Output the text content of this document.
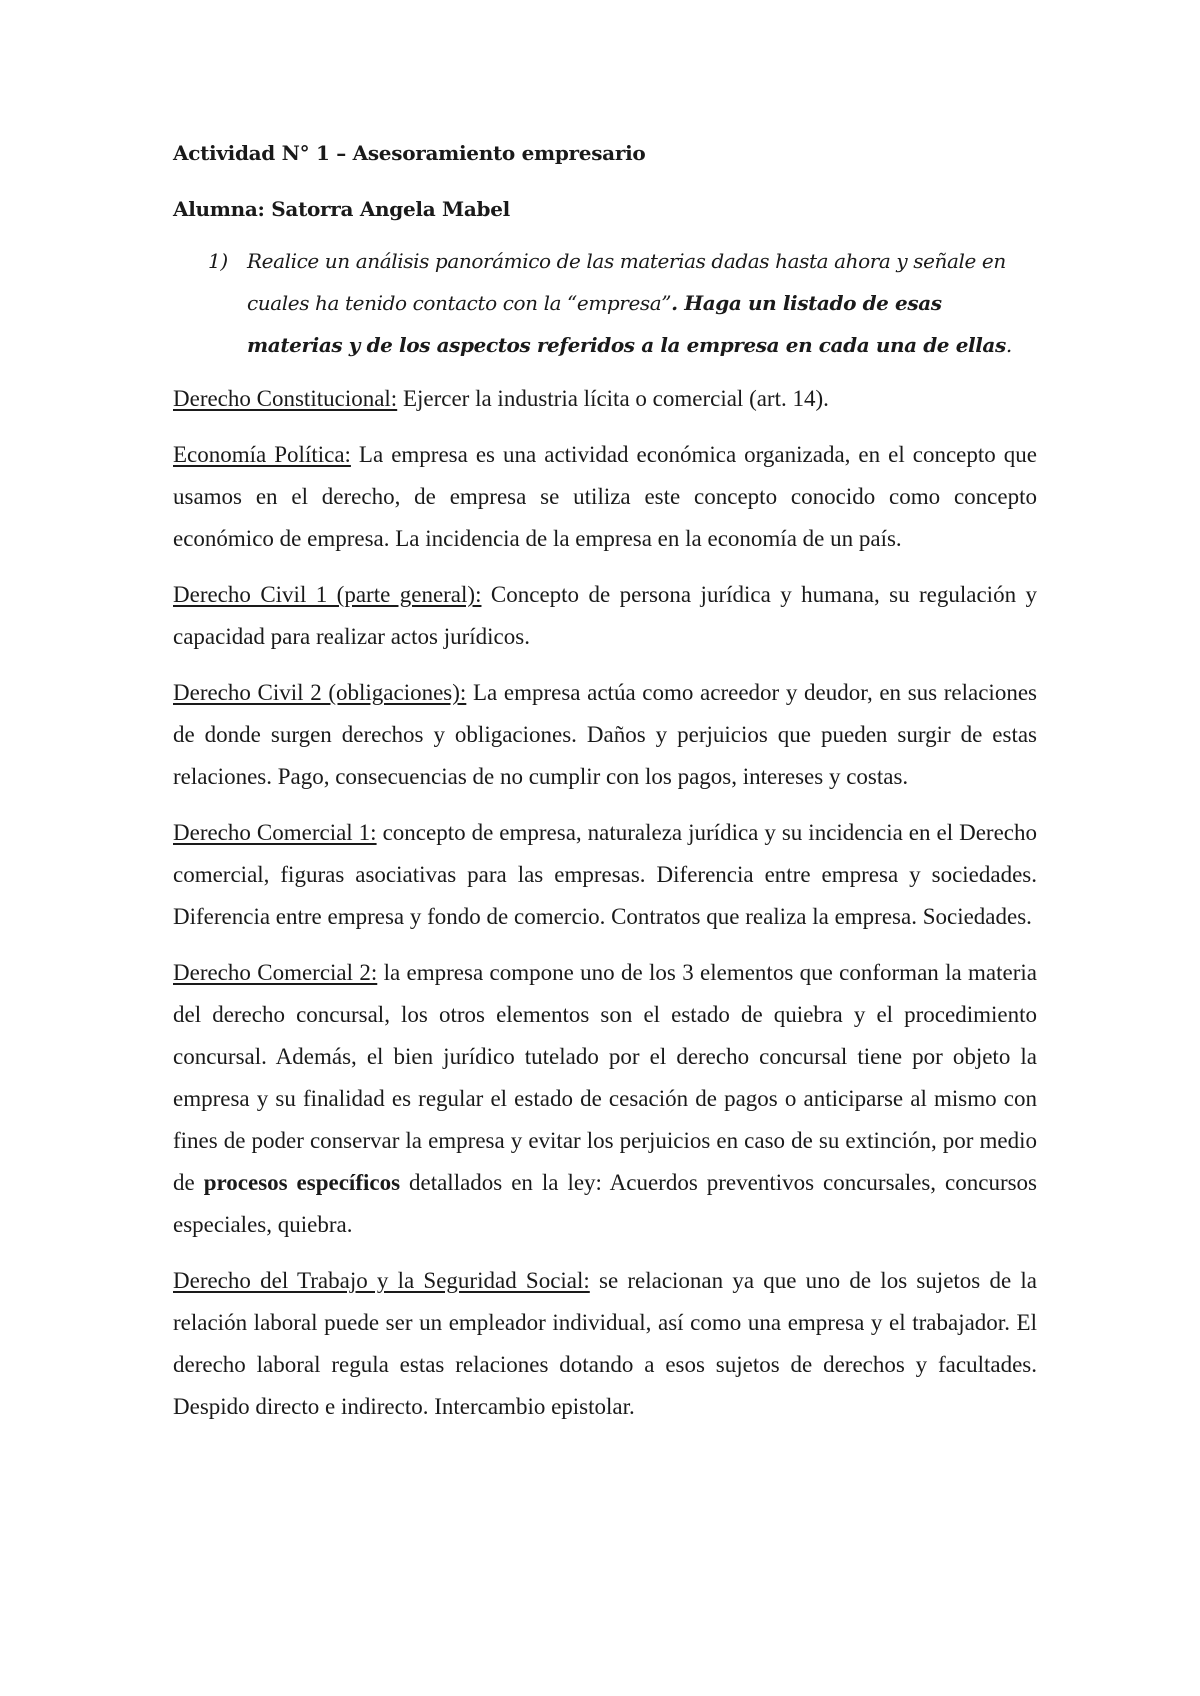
Actividad N° 1 – Asesoramiento empresario

Alumna: Satorra Angela Mabel

1) Realice un análisis panorámico de las materias dadas hasta ahora y señale en cuales ha tenido contacto con la “empresa”. Haga un listado de esas materias y de los aspectos referidos a la empresa en cada una de ellas.

Derecho Constitucional: Ejercer la industria lícita o comercial (art. 14).

Economía Política: La empresa es una actividad económica organizada, en el concepto que usamos en el derecho, de empresa se utiliza este concepto conocido como concepto económico de empresa. La incidencia de la empresa en la economía de un país.

Derecho Civil 1 (parte general): Concepto de persona jurídica y humana, su regulación y capacidad para realizar actos jurídicos.

Derecho Civil 2 (obligaciones): La empresa actúa como acreedor y deudor, en sus relaciones de donde surgen derechos y obligaciones. Daños y perjuicios que pueden surgir de estas relaciones. Pago, consecuencias de no cumplir con los pagos, intereses y costas.

Derecho Comercial 1: concepto de empresa, naturaleza jurídica y su incidencia en el Derecho comercial, figuras asociativas para las empresas. Diferencia entre empresa y sociedades. Diferencia entre empresa y fondo de comercio. Contratos que realiza la empresa. Sociedades.

Derecho Comercial 2: la empresa compone uno de los 3 elementos que conforman la materia del derecho concursal, los otros elementos son el estado de quiebra y el procedimiento concursal. Además, el bien jurídico tutelado por el derecho concursal tiene por objeto la empresa y su finalidad es regular el estado de cesación de pagos o anticiparse al mismo con fines de poder conservar la empresa y evitar los perjuicios en caso de su extinción, por medio de procesos específicos detallados en la ley: Acuerdos preventivos concursales, concursos especiales, quiebra.

Derecho del Trabajo y la Seguridad Social: se relacionan ya que uno de los sujetos de la relación laboral puede ser un empleador individual, así como una empresa y el trabajador. El derecho laboral regula estas relaciones dotando a esos sujetos de derechos y facultades. Despido directo e indirecto. Intercambio epistolar.
